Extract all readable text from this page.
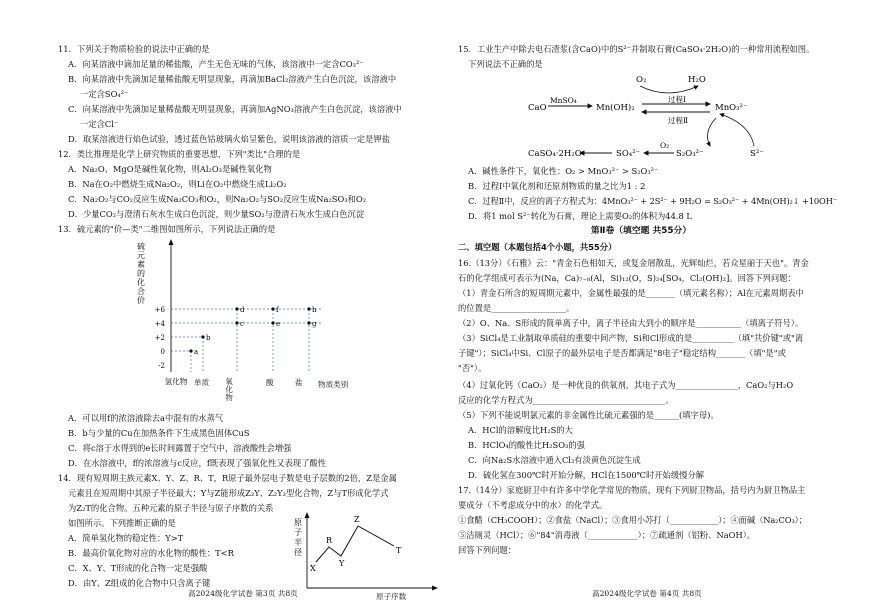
11．下列关于物质检验的说法中正确的是
A．向某溶液中滴加足量的稀盐酸，产生无色无味的气体，该溶液中一定含CO₃²⁻
B．向某溶液中先滴加足量稀盐酸无明显现象，再滴加BaCl₂溶液产生白色沉淀，该溶液中
一定含SO₄²⁻
C．向某溶液中先滴加足量稀盐酸无明显现象，再滴加AgNO₃溶液产生白色沉淀，该溶液中
一定含Cl⁻
D．取某溶液进行焰色试验，透过蓝色钴玻璃火焰呈紫色，说明该溶液的溶质一定是钾盐
12．类比推理是化学上研究物质的重要思想，下列"类比"合理的是
A．Na₂O、MgO是碱性氧化物，则Al₂O₃是碱性氧化物
B．Na在O₂中燃烧生成Na₂O₂，则Li在O₂中燃烧生成Li₂O₂
C．Na₂O₂与CO₂反应生成Na₂CO₃和O₂，则Na₂O₂与SO₂反应生成Na₂SO₃和O₂
D．少量CO₂与澄清石灰水生成白色沉淀，则少量SO₂与澄清石灰水生成白色沉淀
13．硫元素的"价—类"二维图如图所示，下列说法正确的是
硫
元
素
的
化
合
价
+6
+4
+2
0
-2
a
b
c
d
e
f
g
h
氢化物 单质 氧化物
酸	盐 物质类别
A．可以用f的浓溶液除去a中混有的水蒸气
B．b与少量的Cu在加热条件下生成黑色固体CuS
C．将c溶于水得到的e长时间露置于空气中，溶液酸性会增强
D．在水溶液中，f的浓溶液与c反应，f既表现了强氧化性又表现了酸性
14．现有短周期主族元素X、Y、Z、R、T，R原子最外层电子数是电子层数的2倍，Z是金属
元素且在短周期中其原子半径最大；Y与Z能形成Z₂Y、Z₂Y₂型化合物，Z与T形成化学式
为Z₂T的化合物。五种元素的原子半径与原子序数的关系
如图所示。下列推断正确的是
A．简单氢化物的稳定性：Y>T
B．最高价氧化物对应的水化物的酸性：T<R
C．X、Y、T形成的化合物一定是强酸
D．由Y、Z组成的化合物中只含离子键
原
子
半
径
X
R
Y
Z
T
原子序数
高2024级化学试卷 第3页 共8页
15．工业生产中除去电石渣浆(含CaO)中的S²⁻并制取石膏(CaSO₄·2H₂O)的一种常用流程如图。
下列说法不正确的是
CaO
MnSO₄
Mn(OH)₂
O₂	H₂O
过程Ⅰ
过程Ⅱ
MnO₃²⁻
CaSO₄·2H₂O	SO₄²⁻
O₂
S₂O₃²⁻	S²⁻
A．碱性条件下，氧化性：O₂ > MnO₃²⁻ > S₂O₃²⁻
B．过程Ⅰ中氧化剂和还原剂物质的量之比为1 : 2
C．过程Ⅱ中，反应的离子方程式为：4MnO₃²⁻ + 2S²⁻ + 9H₂O = S₂O₃²⁻ + 4Mn(OH)₂↓ +10OH⁻
D．将1 mol S²⁻转化为石膏，理论上需要O₂的体积为44.8 L
第Ⅱ卷（填空题 共55分）
二、填空题（本题包括4个小题，共55分）
16.（13分）《石雅》云："青金石色相如天，或复金屑散乱，光辉灿烂，若众星丽于天也"。青金
石的化学组成可表示为(Na，Ca)₇₋₈(Al，Si)₁₂(O，S)₂₄[SO₄，Cl₂(OH)₂]。回答下列问题：
（1）青金石所含的短周期元素中，金属性最强的是_______（填元素名称）；Al在元素周期表中
的位置是__________________。
（2）O、Na、S形成的简单离子中，离子半径由大到小的顺序是___________（填离子符号）。
（3）SiCl₄是工业制取单质硅的重要中间产物，Si和Cl形成的是__________（填"共价键"或"离
子键"）；SiCl₄中Si、Cl原子的最外层电子是否都满足"8电子"稳定结构_______（填"是"或
"否"）。
（4）过氧化钙（CaO₂）是一种优良的供氧剂，其电子式为_______________，CaO₂与H₂O
反应的化学方程式为________________________________。
（5）下列不能说明氯元素的非金属性比硫元素强的是______(填字母)。
A．HCl的溶解度比H₂S的大
B．HClO₄的酸性比H₂SO₃的强
C．向Na₂S水溶液中通入Cl₂有淡黄色沉淀生成
D．硫化氢在300℃时开始分解，HCl在1500℃时开始缓慢分解
17.（14分）家庭厨卫中有许多中学化学常见的物质，现有下列厨卫物品，括号内为厨卫物品主
要成分（不考虑成分中的水）的化学式。
①食醋（CH₃COOH）；②食盐（NaCl）；③食用小苏打（____________）；④面碱（Na₂CO₃）；
⑤洁厕灵（HCl）；⑥"84"消毒液（____________）；⑦疏通剂（铝粉、NaOH）。
回答下列问题：
高2024级化学试卷 第4页 共8页
